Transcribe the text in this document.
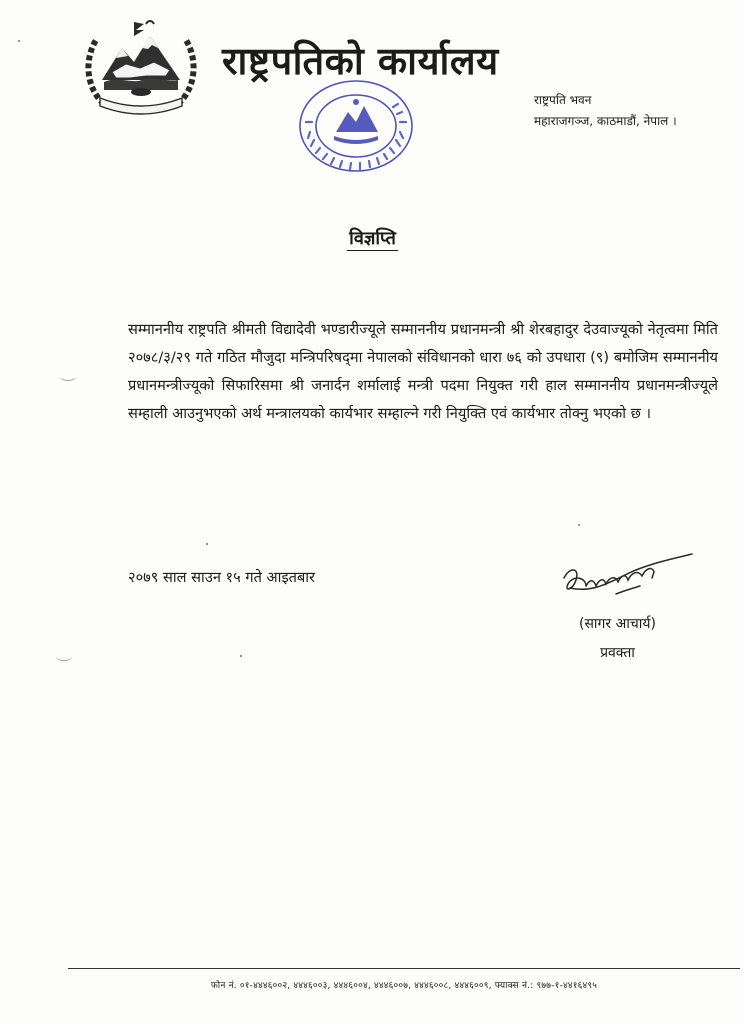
राष्ट्रपतिको कार्यालय
राष्ट्रपति भवन
महाराजगञ्ज, काठमाडौं, नेपाल ।
विज्ञप्ति
सम्माननीय राष्ट्रपति श्रीमती विद्यादेवी भण्डारीज्यूले सम्माननीय प्रधानमन्त्री श्री शेरबहादुर देउवाज्यूको नेतृत्वमा मिति २०७८/३/२९ गते गठित मौजुदा मन्त्रिपरिषद्‌मा नेपालको संविधानको धारा ७६ को उपधारा (९) बमोजिम सम्माननीय प्रधानमन्त्रीज्यूको सिफारिसमा श्री जनार्दन शर्मालाई मन्त्री पदमा नियुक्त गरी हाल सम्माननीय प्रधानमन्त्रीज्यूले सम्हाली आउनुभएको अर्थ मन्त्रालयको कार्यभार सम्हाल्ने गरी नियुक्ति एवं कार्यभार तोक्नु भएको छ ।
२०७९ साल साउन १५ गते आइतबार
(सागर आचार्य)
प्रवक्ता
फोन नं. ०१-४४४६००२, ४४४६००३, ४४४६००४, ४४४६००७, ४४४६००८, ४४४६००९, फ्याक्स नं.: ९७७-१-४४१६४९५
